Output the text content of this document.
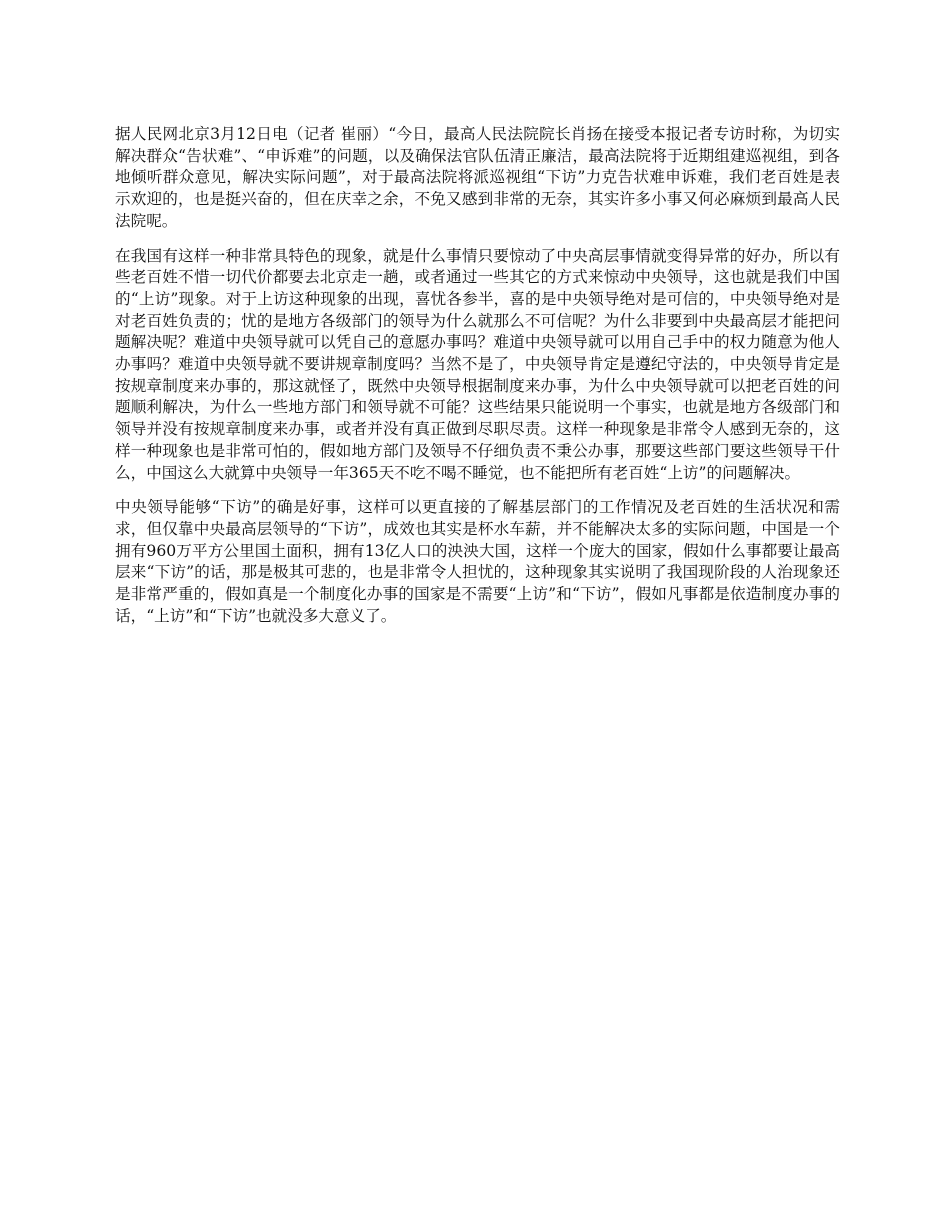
据人民网北京3月12日电（记者 崔丽）“今日，最高人民法院院长肖扬在接受本报记者专访时称，为切实解决群众“告状难”、“申诉难”的问题，以及确保法官队伍清正廉洁，最高法院将于近期组建巡视组，到各地倾听群众意见，解决实际问题”，对于最高法院将派巡视组“下访”力克告状难申诉难，我们老百姓是表示欢迎的，也是挺兴奋的，但在庆幸之余，不免又感到非常的无奈，其实许多小事又何必麻烦到最高人民法院呢。

在我国有这样一种非常具特色的现象，就是什么事情只要惊动了中央高层事情就变得异常的好办，所以有些老百姓不惜一切代价都要去北京走一趟，或者通过一些其它的方式来惊动中央领导，这也就是我们中国的“上访”现象。对于上访这种现象的出现，喜忧各参半，喜的是中央领导绝对是可信的，中央领导绝对是对老百姓负责的；忧的是地方各级部门的领导为什么就那么不可信呢？为什么非要到中央最高层才能把问题解决呢？难道中央领导就可以凭自己的意愿办事吗？难道中央领导就可以用自己手中的权力随意为他人办事吗？难道中央领导就不要讲规章制度吗？当然不是了，中央领导肯定是遵纪守法的，中央领导肯定是按规章制度来办事的，那这就怪了，既然中央领导根据制度来办事，为什么中央领导就可以把老百姓的问题顺利解决，为什么一些地方部门和领导就不可能？这些结果只能说明一个事实，也就是地方各级部门和领导并没有按规章制度来办事，或者并没有真正做到尽职尽责。这样一种现象是非常令人感到无奈的，这样一种现象也是非常可怕的，假如地方部门及领导不仔细负责不秉公办事，那要这些部门要这些领导干什么，中国这么大就算中央领导一年365天不吃不喝不睡觉，也不能把所有老百姓“上访”的问题解决。

中央领导能够“下访”的确是好事，这样可以更直接的了解基层部门的工作情况及老百姓的生活状况和需求，但仅靠中央最高层领导的“下访”，成效也其实是杯水车薪，并不能解决太多的实际问题，中国是一个拥有960万平方公里国土面积，拥有13亿人口的泱泱大国，这样一个庞大的国家，假如什么事都要让最高层来“下访”的话，那是极其可悲的，也是非常令人担忧的，这种现象其实说明了我国现阶段的人治现象还是非常严重的，假如真是一个制度化办事的国家是不需要“上访”和“下访”，假如凡事都是依造制度办事的话，“上访”和“下访”也就没多大意义了。
